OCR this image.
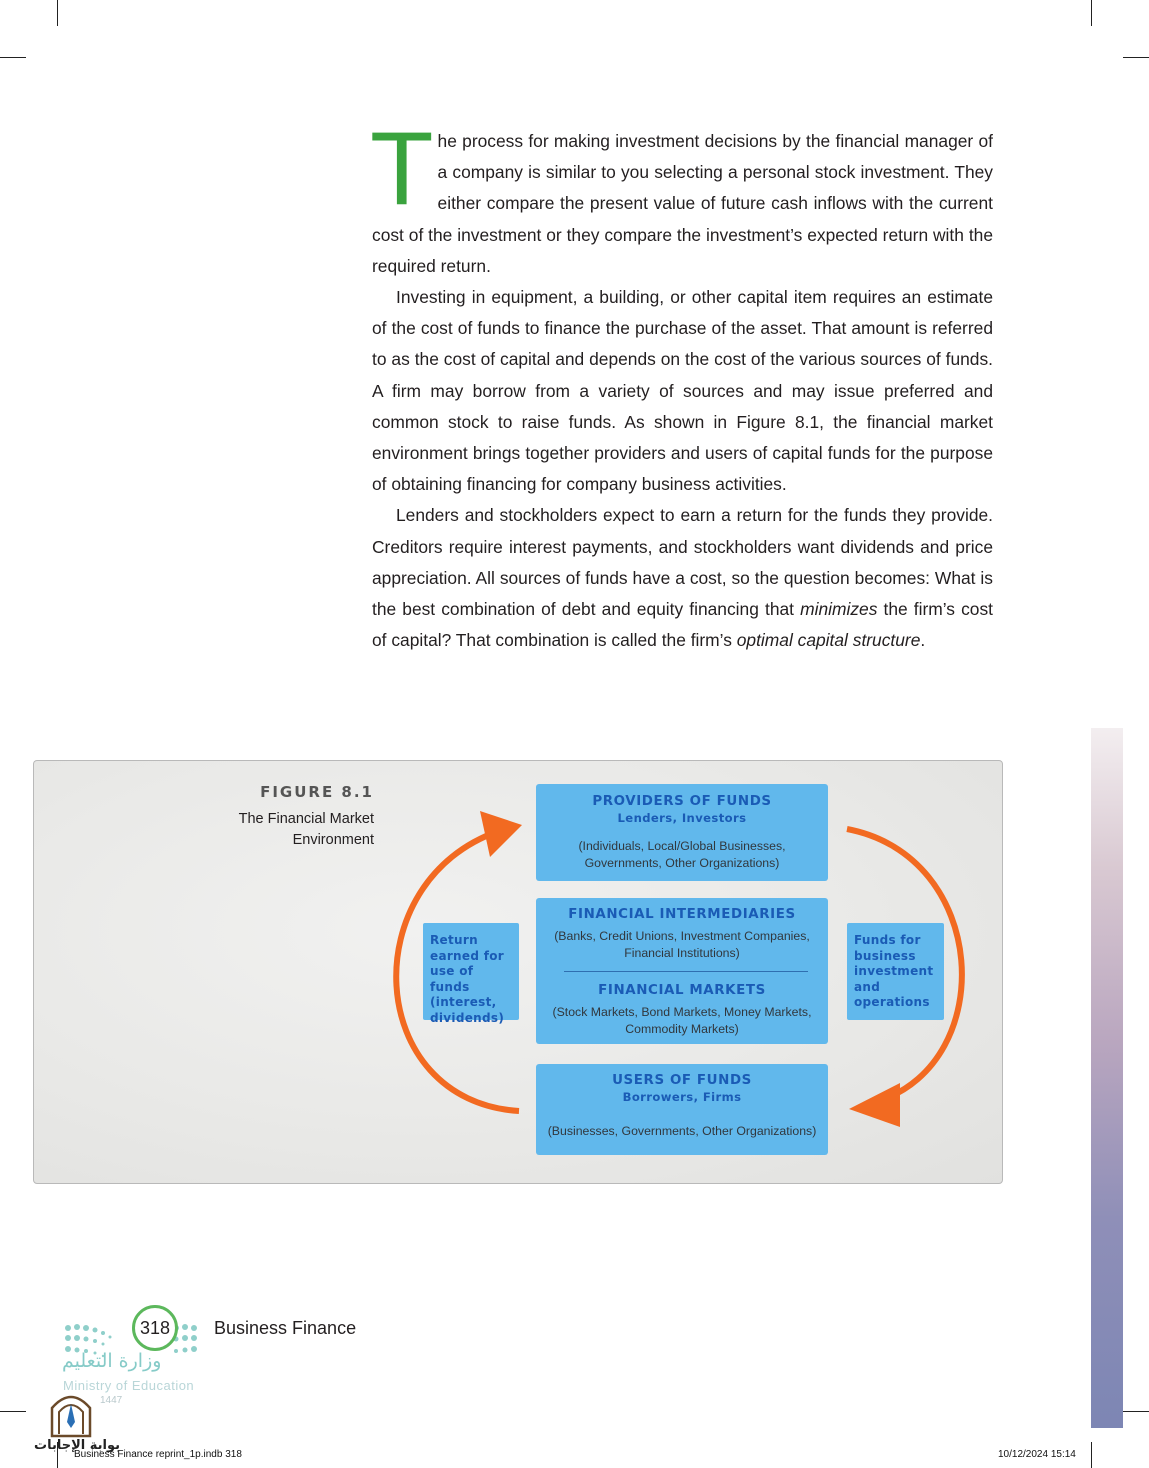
The process for making investment decisions by the financial manager of a company is similar to you selecting a personal stock investment. They either compare the present value of future cash inflows with the current cost of the investment or they compare the investment’s expected return with the required return.

Investing in equipment, a building, or other capital item requires an estimate of the cost of funds to finance the purchase of the asset. That amount is referred to as the cost of capital and depends on the cost of the various sources of funds. A firm may borrow from a variety of sources and may issue preferred and common stock to raise funds. As shown in Figure 8.1, the financial market environment brings together providers and users of capital funds for the purpose of obtaining financing for company business activities.

Lenders and stockholders expect to earn a return for the funds they provide. Creditors require interest payments, and stockholders want dividends and price appreciation. All sources of funds have a cost, so the question becomes: What is the best combination of debt and equity financing that minimizes the firm’s cost of capital? That combination is called the firm’s optimal capital structure.

FIGURE 8.1
The Financial Market
Environment
PROVIDERS OF FUNDS
Lenders, Investors
(Individuals, Local/Global Businesses,
Governments, Other Organizations)
FINANCIAL INTERMEDIARIES
(Banks, Credit Unions, Investment Companies,
Financial Institutions)
FINANCIAL MARKETS
(Stock Markets, Bond Markets, Money Markets,
Commodity Markets)
USERS OF FUNDS
Borrowers, Firms
(Businesses, Governments, Other Organizations)
Return
earned for
use of funds
(interest,
dividends)
Funds for
business
investment
and
operations
318	Business Finance
وزارة التعليم
Ministry of Education
1447
بوابة الإجابات
Business Finance reprint_1p.indb 318	10/12/2024 15:14
